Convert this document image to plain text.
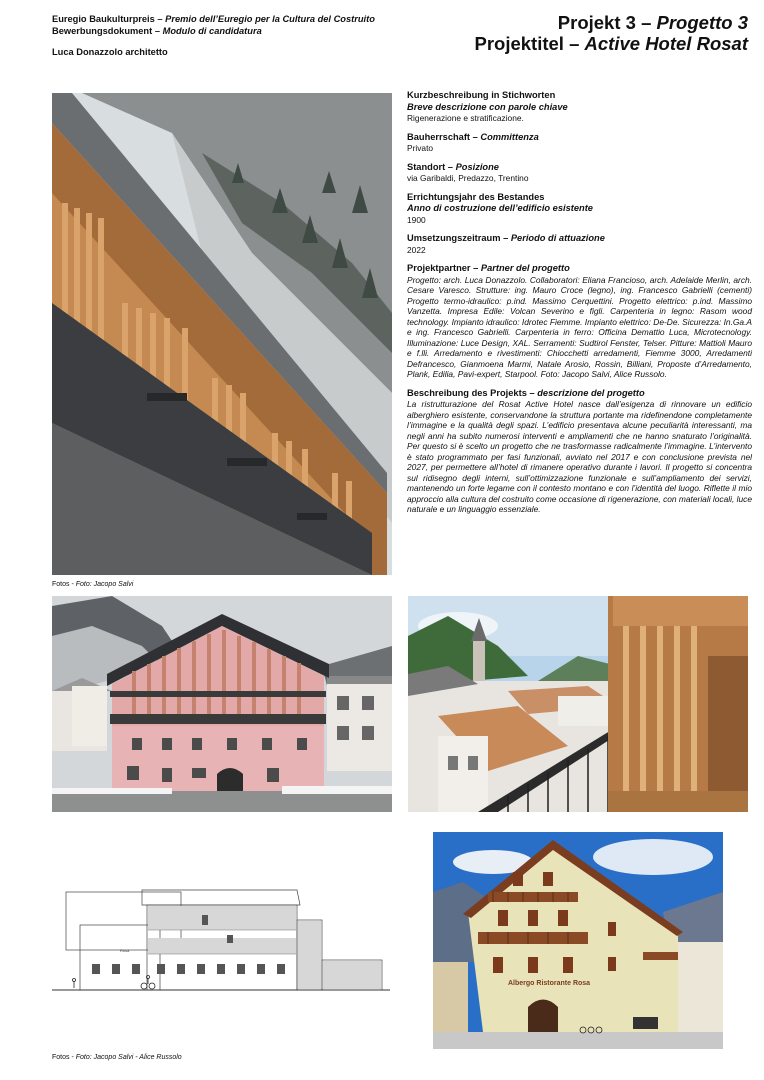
Euregio Baukulturpreis – Premio dell’Euregio per la Cultura del Costruito
Bewerbungsdokument – Modulo di candidatura
Luca Donazzolo architetto
Projekt 3 – Progetto 3
Projektitel – Active Hotel Rosat
Fotos - Foto: Jacopo Salvi
Kurzbeschreibung in Stichworten
Breve descrizione con parole chiave
Rigenerazione e stratificazione.
Bauherrschaft – Committenza
Privato
Standort – Posizione
via Garibaldi, Predazzo, Trentino
Errichtungsjahr des Bestandes
Anno di costruzione dell’edificio esistente
1900
Umsetzungszeitraum – Periodo di attuazione
2022
Projektpartner – Partner del progetto
Progetto: arch. Luca Donazzolo. Collaboratori: Eliana Francioso, arch. Adelaide Merlin, arch. Cesare Varesco. Strutture: ing. Mauro Croce (legno), ing. Francesco Gabrielli (cementi) Progetto termo-idraulico: p.ind. Massimo Cerquettini. Progetto elettrico: p.ind. Massimo Vanzetta. Impresa Edile: Volcan Severino e figli. Carpenteria in legno: Rasom wood technology. Impianto idraulico: Idrotec Fiemme. Impianto elettrico: De-De. Sicurezza: In.Ga.A e ing. Francesco Gabrielli. Carpenteria in ferro: Officina Demattio Luca, Microtecnology. Illuminazione: Luce Design, XAL. Serramenti: Sudtirol Fenster, Telser. Pitture: Mattioli Mauro e f.lli. Arredamento e rivestimenti: Chiocchetti arredamenti, Fiemme 3000, Arredamenti Defrancesco, Gianmoena Marmi, Natale Arosio, Rossin, Billiani, Proposte d’Arredamento, Plank, Edilia, Pavi-expert, Starpool. Foto: Jacopo Salvi, Alice Russolo.
Beschreibung des Projekts – descrizione del progetto
La ristrutturazione del Rosat Active Hotel nasce dall’esigenza di rinnovare un edificio alberghiero esistente, conservandone la struttura portante ma ridefinendone completamente l’immagine e la qualità degli spazi. L’edificio presentava alcune peculiarità interessanti, ma negli anni ha subito numerosi interventi e ampliamenti che ne hanno snaturato l’originalità. Per questo si è scelto un progetto che ne trasformasse radicalmente l’immagine. L’intervento è stato programmato per fasi funzionali, avviato nel 2017 e con conclusione prevista nel 2027, per permettere all’hotel di rimanere operativo durante i lavori. Il progetto si concentra sul ridisegno degli interni, sull’ottimizzazione funzionale e sull’ampliamento dei servizi, mantenendo un forte legame con il contesto montano e con l’identità del luogo. Riflette il mio approccio alla cultura del costruito come occasione di rigenerazione, con materiali locali, luce naturale e un linguaggio essenziale.
Rosa
Albergo Ristorante Rosa
Fotos - Foto: Jacopo Salvi - Alice Russolo
